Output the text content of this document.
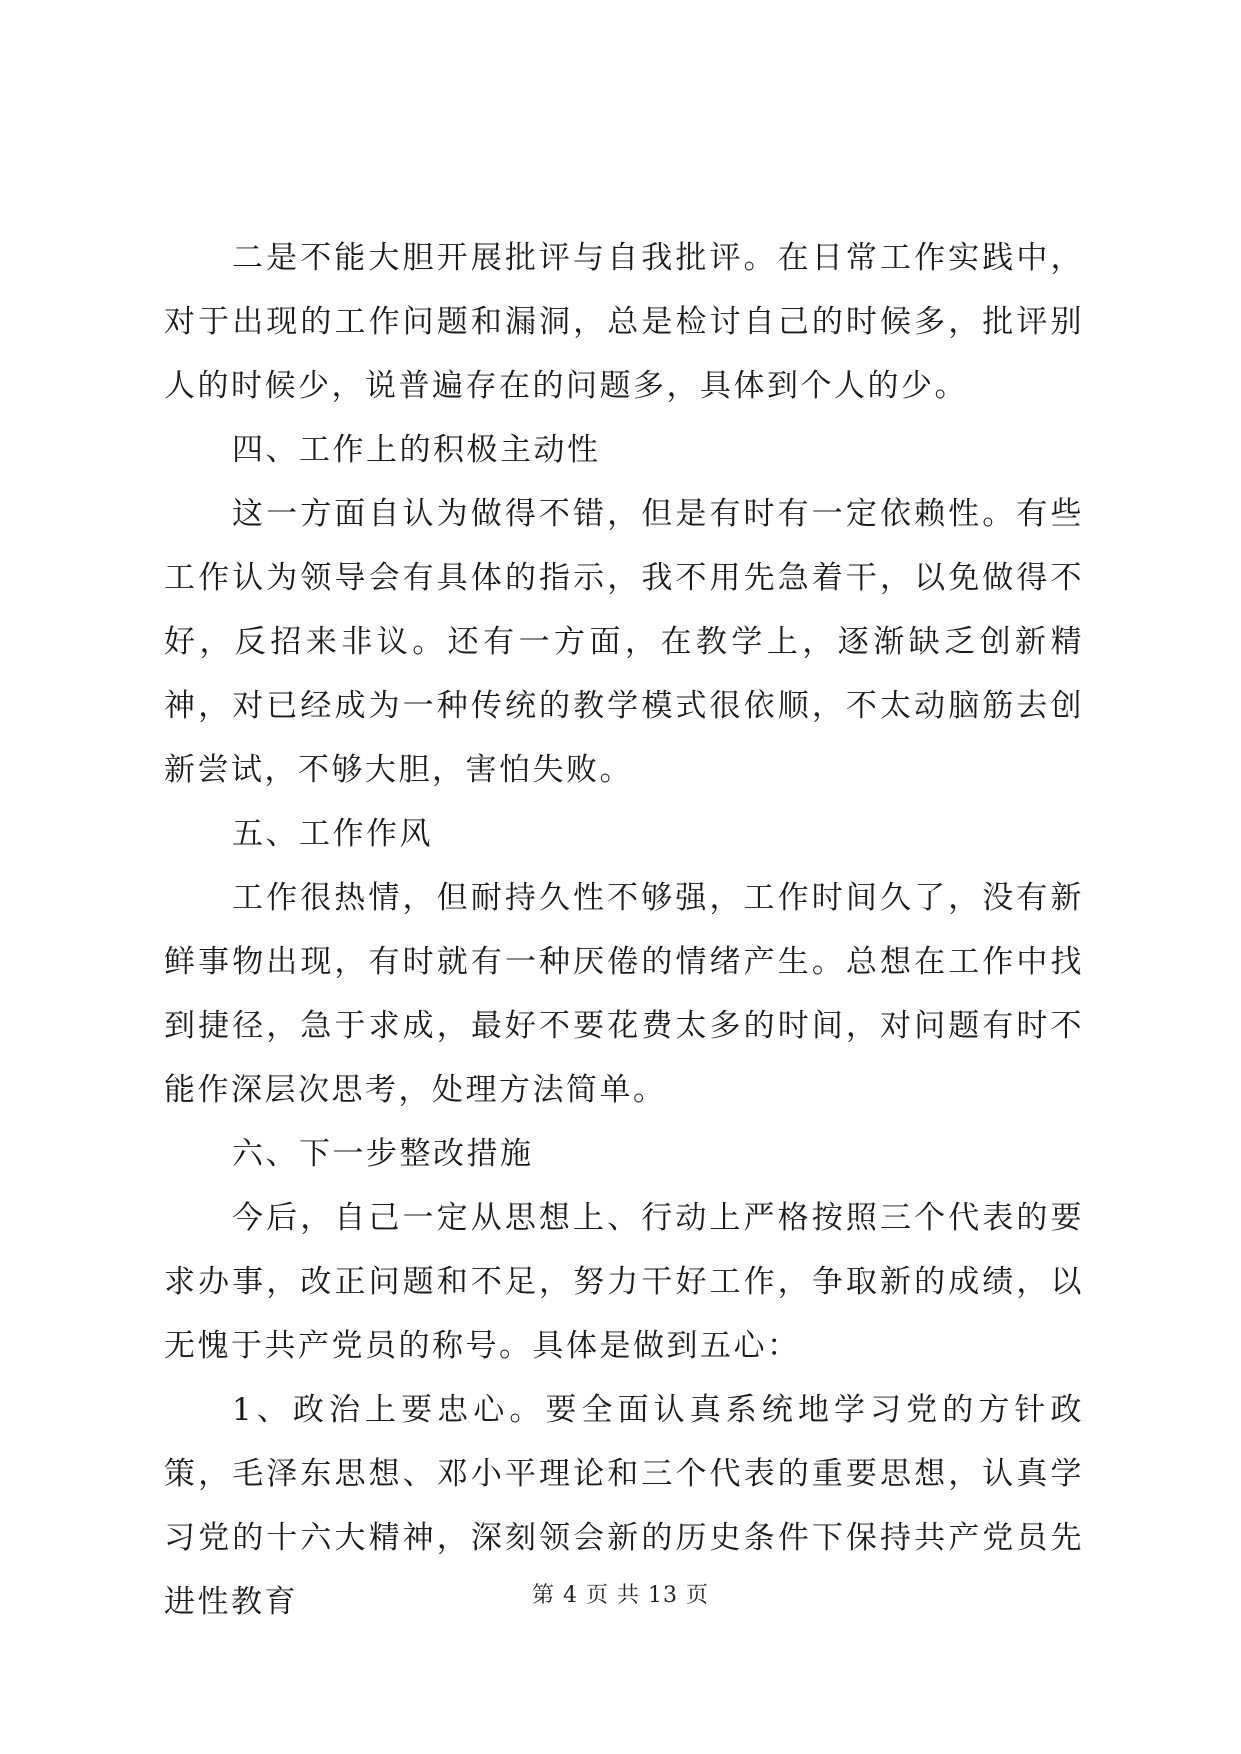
二是不能大胆开展批评与自我批评。在日常工作实践中，对于出现的工作问题和漏洞，总是检讨自己的时候多，批评别人的时候少，说普遍存在的问题多，具体到个人的少。

四、工作上的积极主动性

这一方面自认为做得不错，但是有时有一定依赖性。有些工作认为领导会有具体的指示，我不用先急着干，以免做得不好，反招来非议。还有一方面，在教学上，逐渐缺乏创新精神，对已经成为一种传统的教学模式很依顺，不太动脑筋去创新尝试，不够大胆，害怕失败。

五、工作作风

工作很热情，但耐持久性不够强，工作时间久了，没有新鲜事物出现，有时就有一种厌倦的情绪产生。总想在工作中找到捷径，急于求成，最好不要花费太多的时间，对问题有时不能作深层次思考，处理方法简单。

六、下一步整改措施

今后，自己一定从思想上、行动上严格按照三个代表的要求办事，改正问题和不足，努力干好工作，争取新的成绩，以无愧于共产党员的称号。具体是做到五心：

1、政治上要忠心。要全面认真系统地学习党的方针政策，毛泽东思想、邓小平理论和三个代表的重要思想，认真学习党的十六大精神，深刻领会新的历史条件下保持共产党员先进性教育	第 4 页 共 13 页
